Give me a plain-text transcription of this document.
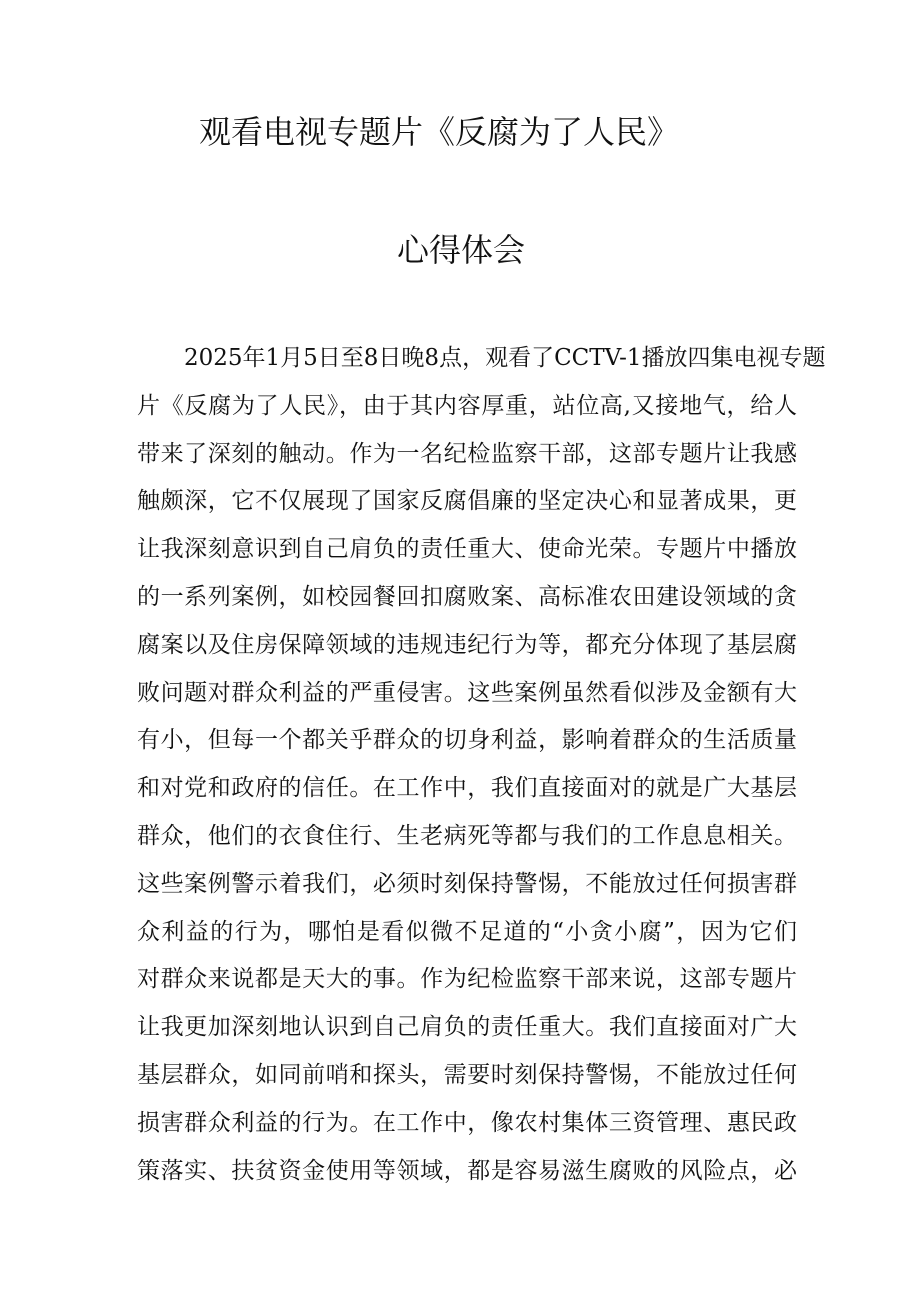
观看电视专题片《反腐为了人民》
心得体会
2025年1月5日至8日晚8点，观看了CCTV-1播放四集电视专题
片《反腐为了人民》，由于其内容厚重，站位高,又接地气，给人
带来了深刻的触动。作为一名纪检监察干部，这部专题片让我感
触颇深，它不仅展现了国家反腐倡廉的坚定决心和显著成果，更
让我深刻意识到自己肩负的责任重大、使命光荣。专题片中播放
的一系列案例，如校园餐回扣腐败案、高标准农田建设领域的贪
腐案以及住房保障领域的违规违纪行为等，都充分体现了基层腐
败问题对群众利益的严重侵害。这些案例虽然看似涉及金额有大
有小，但每一个都关乎群众的切身利益，影响着群众的生活质量
和对党和政府的信任。在工作中，我们直接面对的就是广大基层
群众，他们的衣食住行、生老病死等都与我们的工作息息相关。
这些案例警示着我们，必须时刻保持警惕，不能放过任何损害群
众利益的行为，哪怕是看似微不足道的“小贪小腐”，因为它们
对群众来说都是天大的事。作为纪检监察干部来说，这部专题片
让我更加深刻地认识到自己肩负的责任重大。我们直接面对广大
基层群众，如同前哨和探头，需要时刻保持警惕，不能放过任何
损害群众利益的行为。在工作中，像农村集体三资管理、惠民政
策落实、扶贫资金使用等领域，都是容易滋生腐败的风险点，必
